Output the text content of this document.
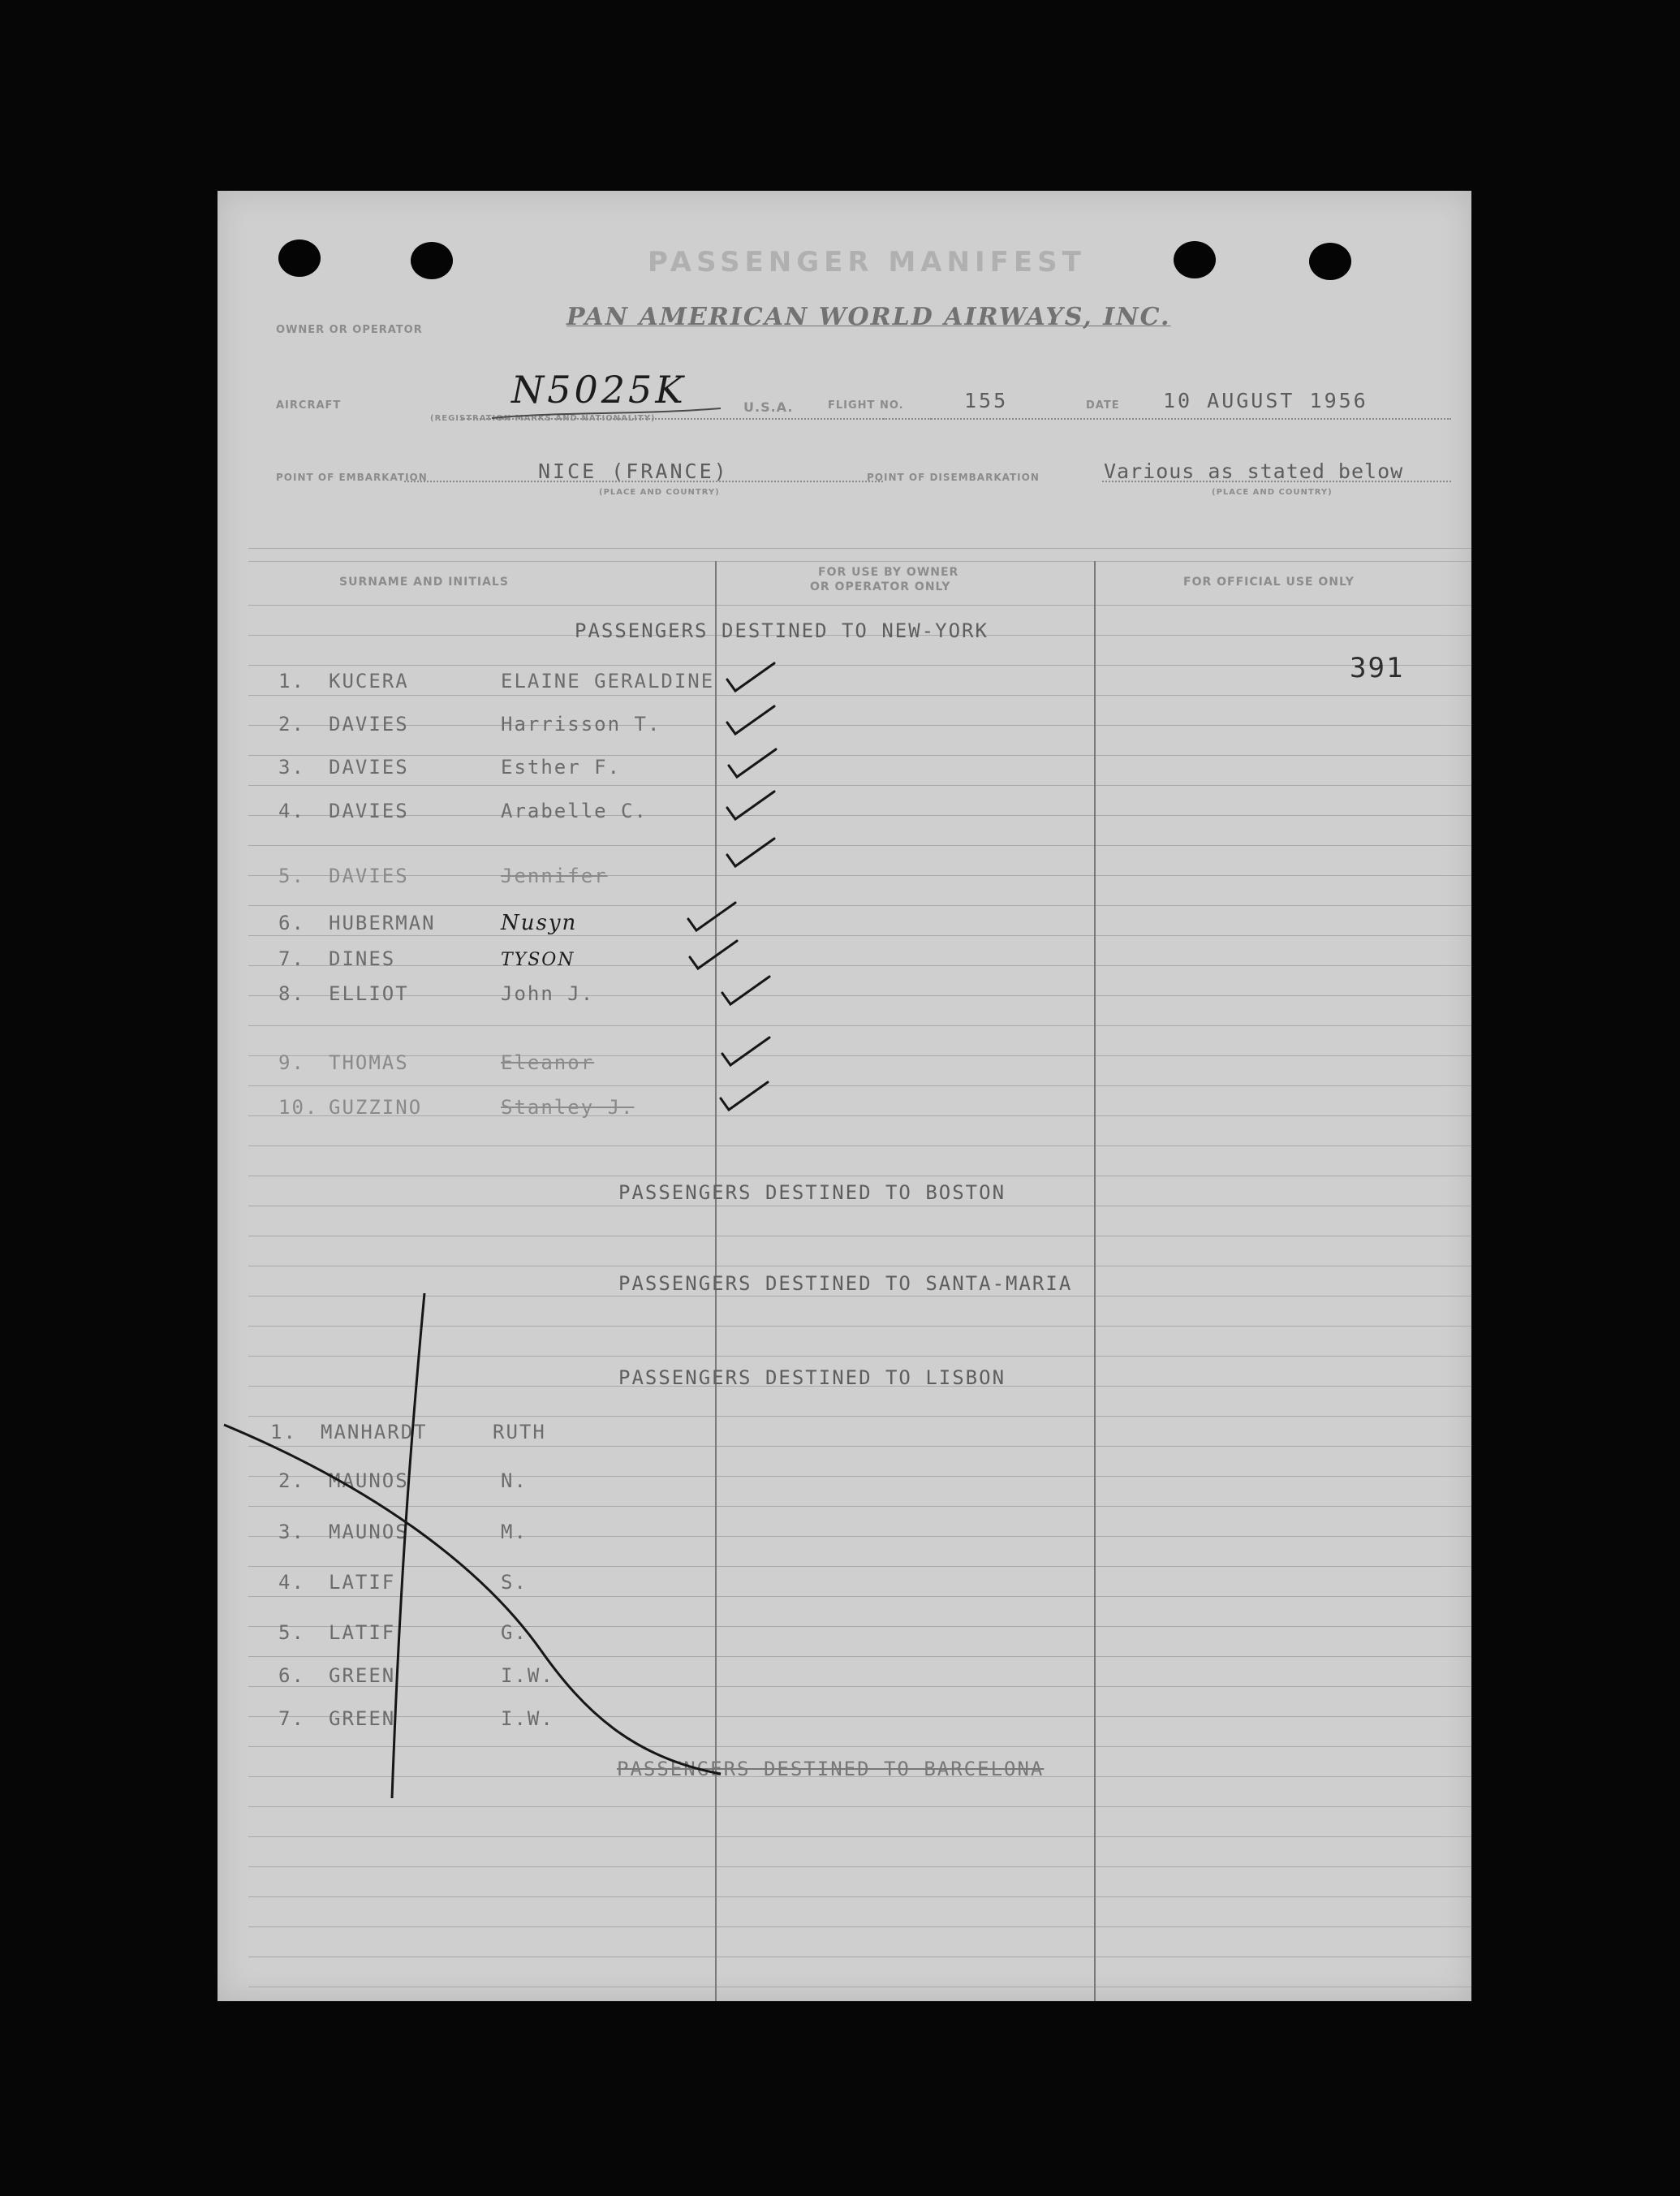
PASSENGER MANIFEST
OWNER OR OPERATOR	PAN AMERICAN WORLD AIRWAYS, INC.
AIRCRAFT	N5025K
(REGISTRATION MARKS AND NATIONALITY)
U.S.A.	FLIGHT NO.	155	DATE 10 AUGUST 1956
POINT OF EMBARKATION	NICE (FRANCE)
(PLACE AND COUNTRY)
POINT OF DISEMBARKATION	Various as stated below
(PLACE AND COUNTRY)
SURNAME AND INITIALS
FOR USE BY OWNER
OR OPERATOR ONLY	FOR OFFICIAL USE ONLY
391
PASSENGERS DESTINED TO NEW-YORK
PASSENGERS DESTINED TO BOSTON
PASSENGERS DESTINED TO SANTA-MARIA
PASSENGERS DESTINED TO LISBON
PASSENGERS DESTINED TO BARCELONA
1. KUCERA	ELAINE GERALDINE
2. DAVIES	Harrisson T.
3. DAVIES	Esther F.
4. DAVIES	Arabelle C.
5. DAVIES	Jennifer
6. HUBERMAN	Nusyn
7. DINES	TYSON
8. ELLIOT	John J.
9. THOMAS	Eleanor
10. GUZZINO	Stanley J.
1. MANHARDT	RUTH
2. MAUNOS	N.
3. MAUNOS	M.
4. LATIF	S.
5. LATIF	G.
6. GREEN	I.W.
7. GREEN	I.W.
